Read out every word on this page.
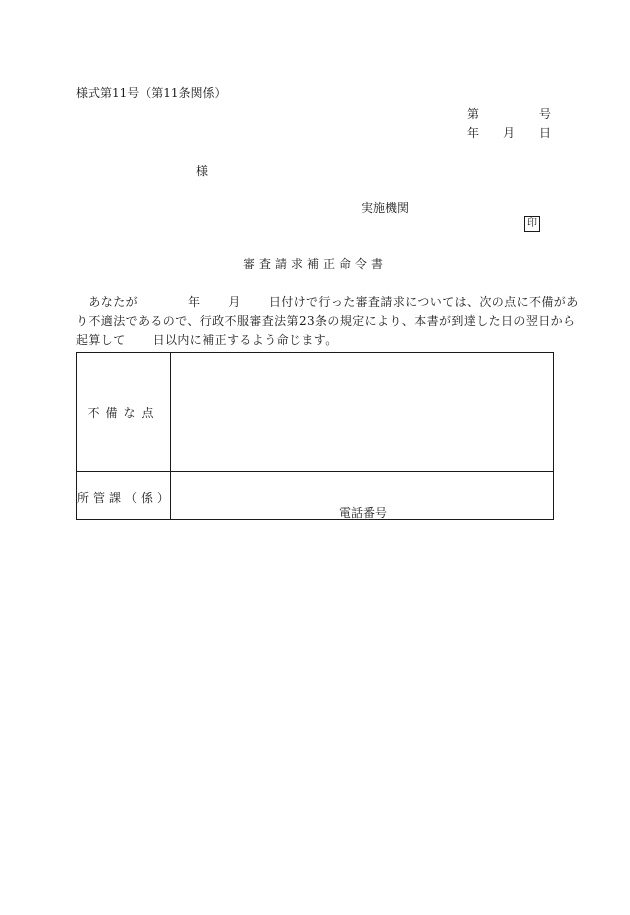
様式第11号（第11条関係）
第	号
年 月 日
様
実施機関
印
審査請求補正命令書
　あなたが	年 月 日付けで行った審査請求については、次の点に不備があ
り不適法であるので、行政不服審査法第23条の規定により、本書が到達した日の翌日から
起算して 日以内に補正するよう命じます。
不備な点
所管課（係）
電話番号
